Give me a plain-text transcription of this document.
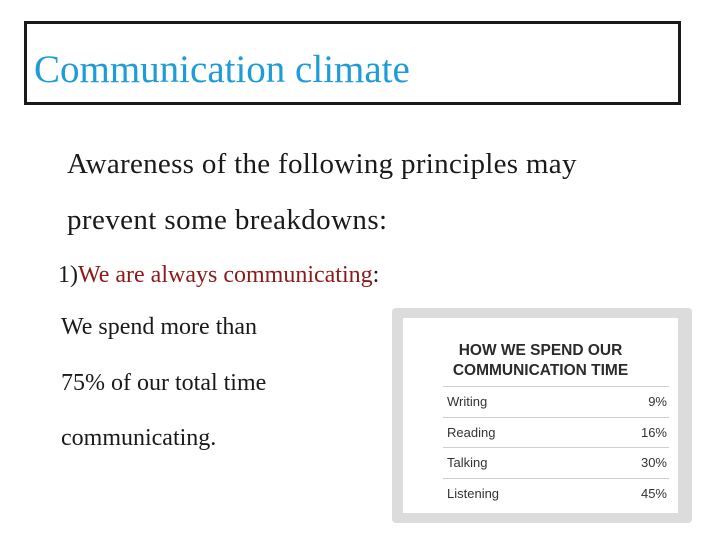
Communication climate
Awareness of the following principles may
prevent some breakdowns:
1)We are always communicating:
We spend more than
75% of our total time
communicating.
HOW WE SPEND OUR
COMMUNICATION TIME
Writing	9%
Reading	16%
Talking	30%
Listening	45%
